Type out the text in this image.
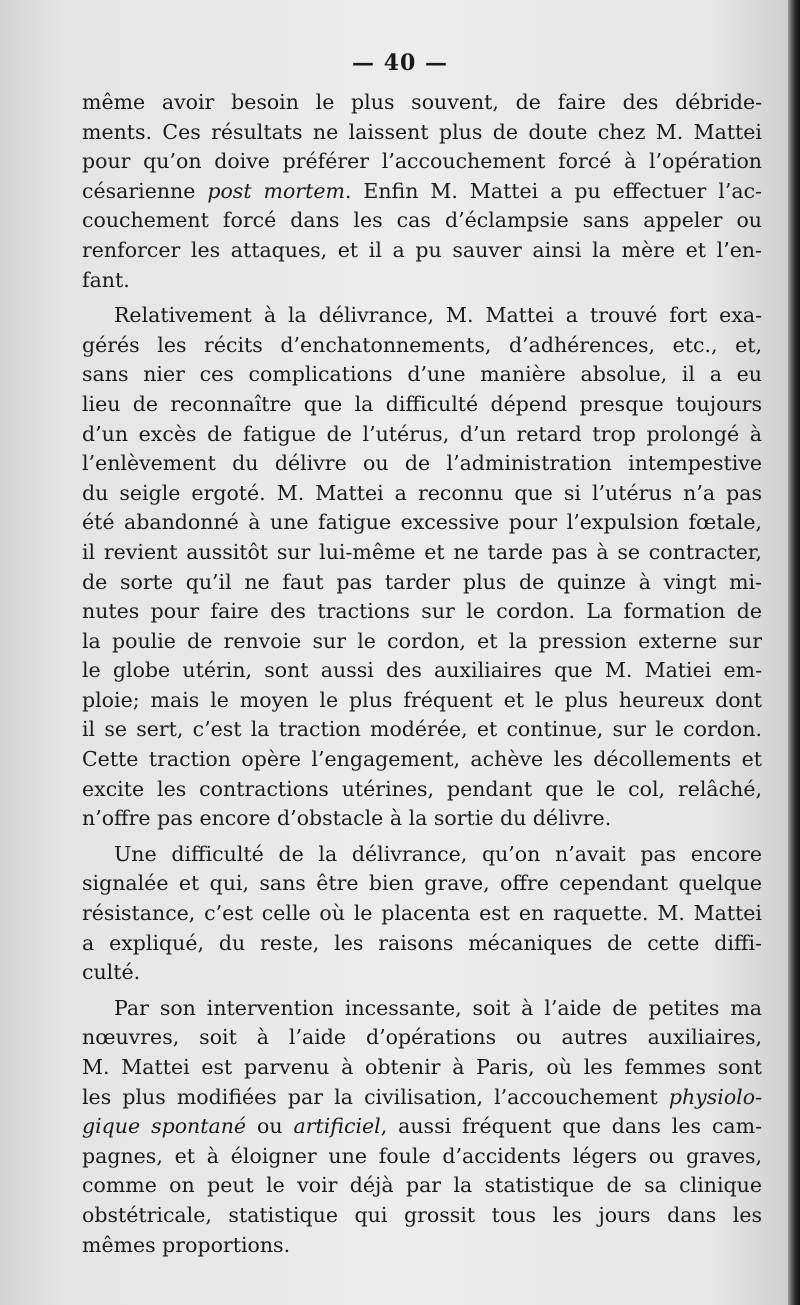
— 40 —
même avoir besoin le plus souvent, de faire des débride-
ments. Ces résultats ne laissent plus de doute chez M. Mattei
pour qu’on doive préférer l’accouchement forcé à l’opération
césarienne post mortem. Enfin M. Mattei a pu effectuer l’ac-
couchement forcé dans les cas d’éclampsie sans appeler ou
renforcer les attaques, et il a pu sauver ainsi la mère et l’en-
fant.
Relativement à la délivrance, M. Mattei a trouvé fort exa-
gérés les récits d’enchatonnements, d’adhérences, etc., et,
sans nier ces complications d’une manière absolue, il a eu
lieu de reconnaître que la difficulté dépend presque toujours
d’un excès de fatigue de l’utérus, d’un retard trop prolongé à
l’enlèvement du délivre ou de l’administration intempestive
du seigle ergoté. M. Mattei a reconnu que si l’utérus n’a pas
été abandonné à une fatigue excessive pour l’expulsion fœtale,
il revient aussitôt sur lui-même et ne tarde pas à se contracter,
de sorte qu’il ne faut pas tarder plus de quinze à vingt mi-
nutes pour faire des tractions sur le cordon. La formation de
la poulie de renvoie sur le cordon, et la pression externe sur
le globe utérin, sont aussi des auxiliaires que M. Matiei em-
ploie; mais le moyen le plus fréquent et le plus heureux dont
il se sert, c’est la traction modérée, et continue, sur le cordon.
Cette traction opère l’engagement, achève les décollements et
excite les contractions utérines, pendant que le col, relâché,
n’offre pas encore d’obstacle à la sortie du délivre.
Une difficulté de la délivrance, qu’on n’avait pas encore
signalée et qui, sans être bien grave, offre cependant quelque
résistance, c’est celle où le placenta est en raquette. M. Mattei
a expliqué, du reste, les raisons mécaniques de cette diffi-
culté.
Par son intervention incessante, soit à l’aide de petites ma
nœuvres, soit à l’aide d’opérations ou autres auxiliaires,
M. Mattei est parvenu à obtenir à Paris, où les femmes sont
les plus modifiées par la civilisation, l’accouchement physiolo-
gique spontané ou artificiel, aussi fréquent que dans les cam-
pagnes, et à éloigner une foule d’accidents légers ou graves,
comme on peut le voir déjà par la statistique de sa clinique
obstétricale, statistique qui grossit tous les jours dans les
mêmes proportions.
